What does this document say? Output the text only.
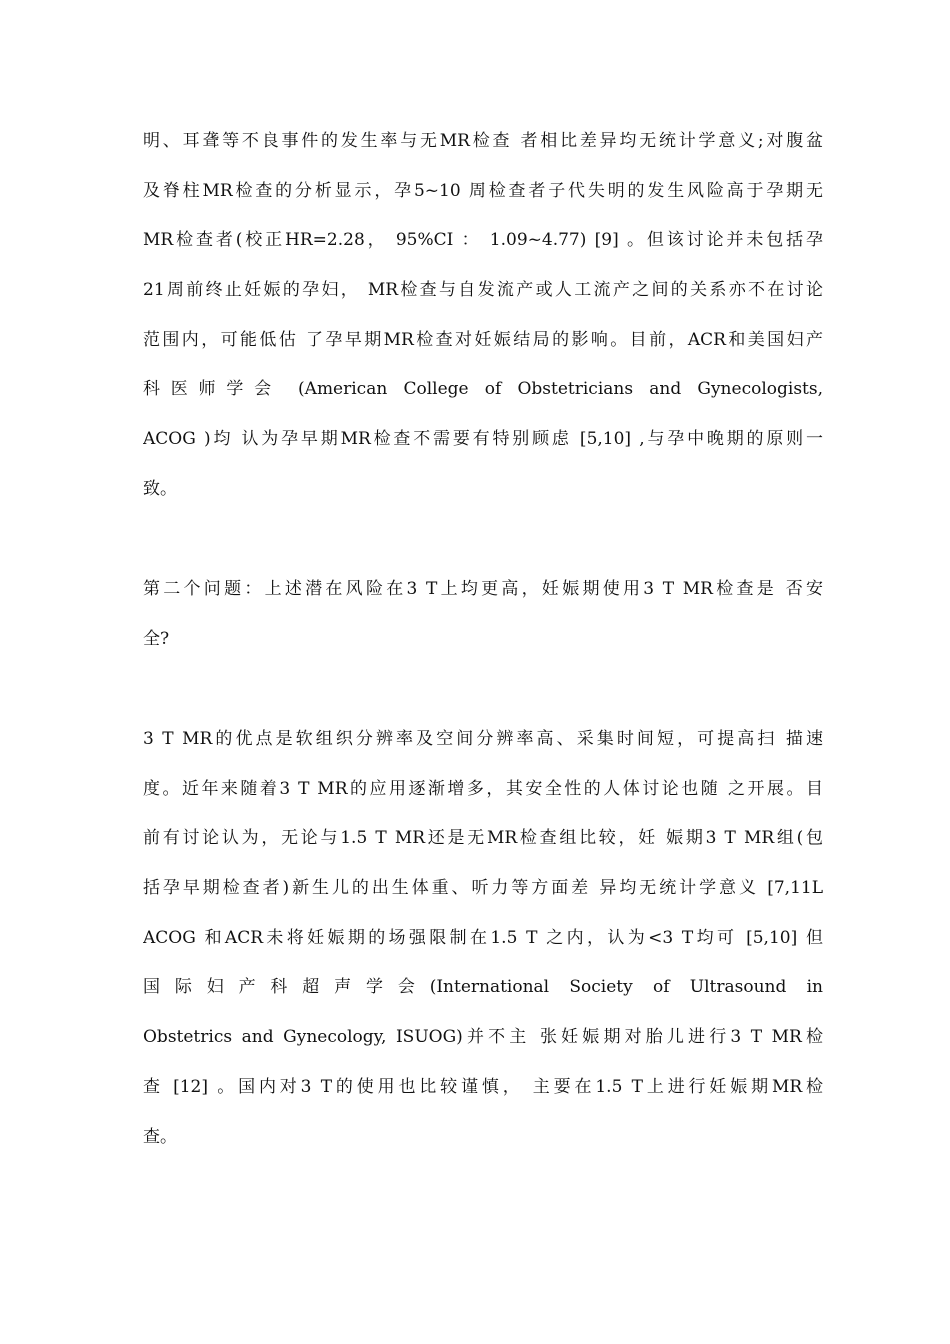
明、耳聋等不良事件的发生率与无MR检查 者相比差异均无统计学意义;对腹盆
及脊柱MR检查的分析显示，孕5~10 周检查者子代失明的发生风险高于孕期无
MR检查者(校正HR=2.28， 95%CI ： 1.09~4.77) [9] 。但该讨论并未包括孕
21周前终止妊娠的孕妇， MR检查与自发流产或人工流产之间的关系亦不在讨论
范围内，可能低估 了孕早期MR检查对妊娠结局的影响。目前，ACR和美国妇产
科医师学会 (American College of Obstetricians and Gynecologists,
ACOG )均 认为孕早期MR检查不需要有特别顾虑 [5,10] ,与孕中晚期的原则一
致。
第二个问题：上述潜在风险在3 T上均更高，妊娠期使用3 T MR检查是 否安
全?
3 T MR的优点是软组织分辨率及空间分辨率高、采集时间短，可提高扫 描速
度。近年来随着3 T MR的应用逐渐增多，其安全性的人体讨论也随 之开展。目
前有讨论认为，无论与1.5 T MR还是无MR检查组比较，妊 娠期3 T MR组(包
括孕早期检查者)新生儿的出生体重、听力等方面差 异均无统计学意义 [7,11L
ACOG 和ACR未将妊娠期的场强限制在1.5 T 之内，认为<3 T均可 [5,10] 但
国际妇产科超声学会(International Society of Ultrasound in
Obstetrics and Gynecology, ISUOG)并不主 张妊娠期对胎儿进行3 T MR检
查 [12] 。国内对3 T的使用也比较谨慎， 主要在1.5 T上进行妊娠期MR检
查。
